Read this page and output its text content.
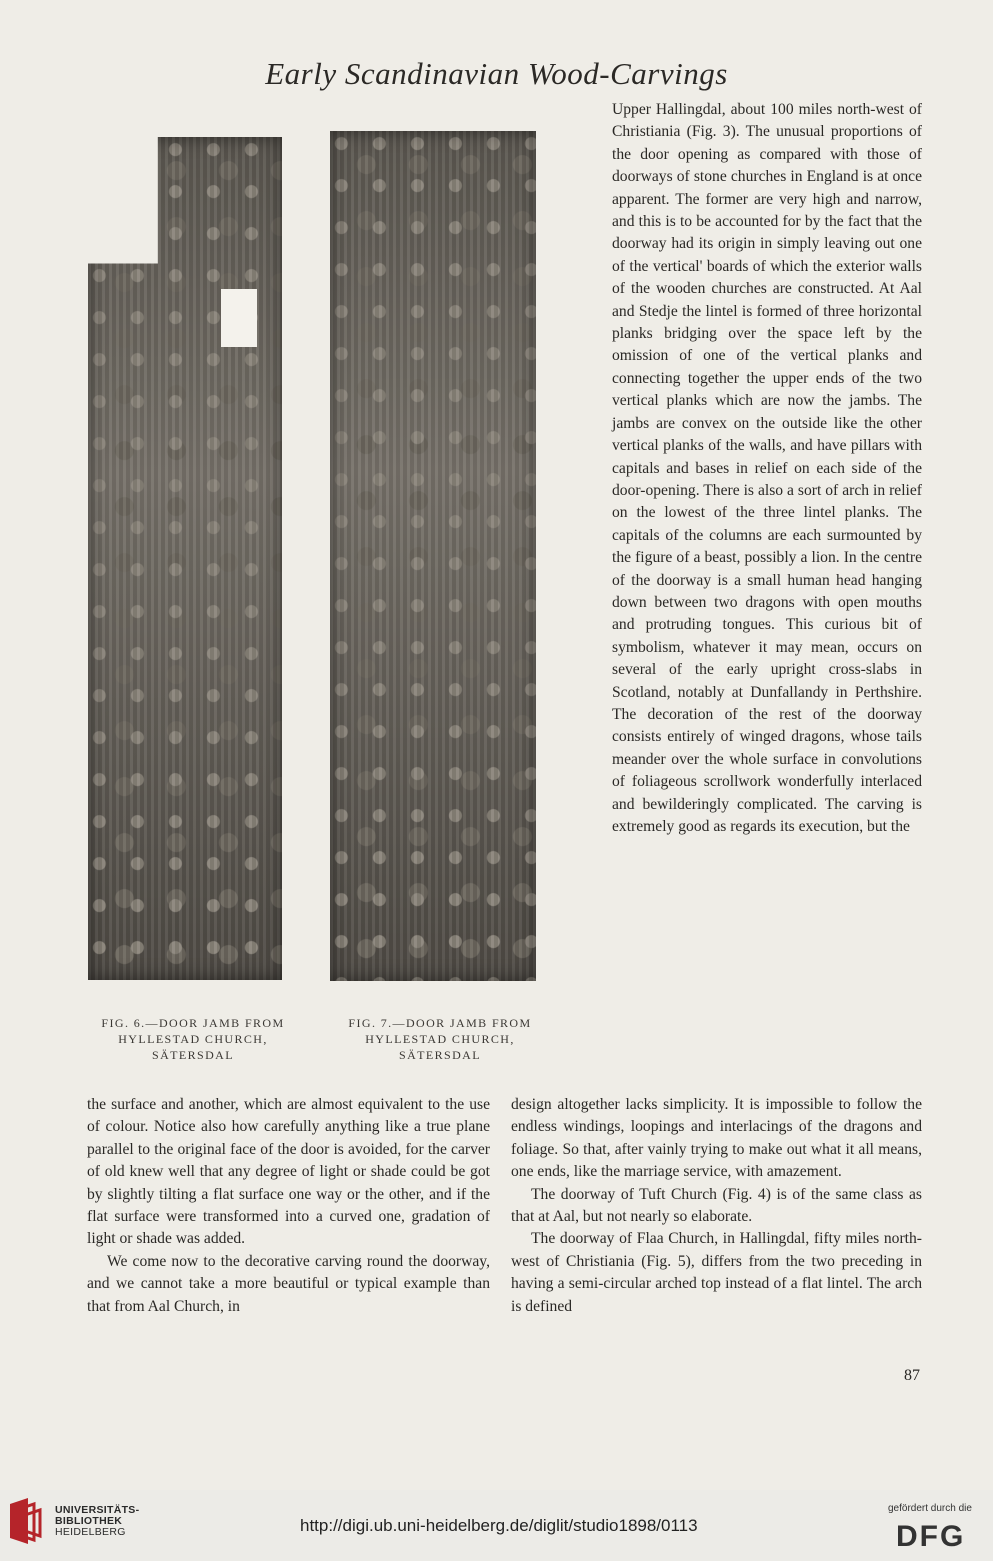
Early Scandinavian Wood-Carvings
FIG. 6.—DOOR JAMB FROM
HYLLESTAD CHURCH,
SÄTERSDAL
FIG. 7.—DOOR JAMB FROM
HYLLESTAD CHURCH,
SÄTERSDAL

Upper Hallingdal, about 100 miles north-west of Christiania (Fig. 3). The unusual proportions of the door opening as compared with those of doorways of stone churches in England is at once apparent. The former are very high and narrow, and this is to be accounted for by the fact that the doorway had its origin in simply leaving out one of the vertical' boards of which the exterior walls of the wooden churches are constructed. At Aal and Stedje the lintel is formed of three horizontal planks bridging over the space left by the omission of one of the vertical planks and connecting together the upper ends of the two vertical planks which are now the jambs. The jambs are convex on the outside like the other vertical planks of the walls, and have pillars with capitals and bases in relief on each side of the door-opening. There is also a sort of arch in relief on the lowest of the three lintel planks. The capitals of the columns are each surmounted by the figure of a beast, possibly a lion. In the centre of the doorway is a small human head hanging down between two dragons with open mouths and protruding tongues. This curious bit of symbolism, whatever it may mean, occurs on several of the early upright cross-slabs in Scotland, notably at Dunfallandy in Perthshire. The decoration of the rest of the doorway consists entirely of winged dragons, whose tails meander over the whole surface in convolutions of foliageous scrollwork wonderfully interlaced and bewilderingly complicated. The carving is extremely good as regards its execution, but the

the surface and another, which are almost equivalent to the use of colour. Notice also how carefully anything like a true plane parallel to the original face of the door is avoided, for the carver of old knew well that any degree of light or shade could be got by slightly tilting a flat surface one way or the other, and if the flat surface were transformed into a curved one, gradation of light or shade was added.

We come now to the decorative carving round the doorway, and we cannot take a more beautiful or typical example than that from Aal Church, in

design altogether lacks simplicity. It is impossible to follow the endless windings, loopings and interlacings of the dragons and foliage. So that, after vainly trying to make out what it all means, one ends, like the marriage service, with amazement.

The doorway of Tuft Church (Fig. 4) is of the same class as that at Aal, but not nearly so elaborate.

The doorway of Flaa Church, in Hallingdal, fifty miles north-west of Christiania (Fig. 5), differs from the two preceding in having a semi-circular arched top instead of a flat lintel. The arch is defined

87
UNIVERSITÄTS-
BIBLIOTHEK
HEIDELBERG	http://digi.ub.uni-heidelberg.de/diglit/studio1898/0113
gefördert durch die
DFG
